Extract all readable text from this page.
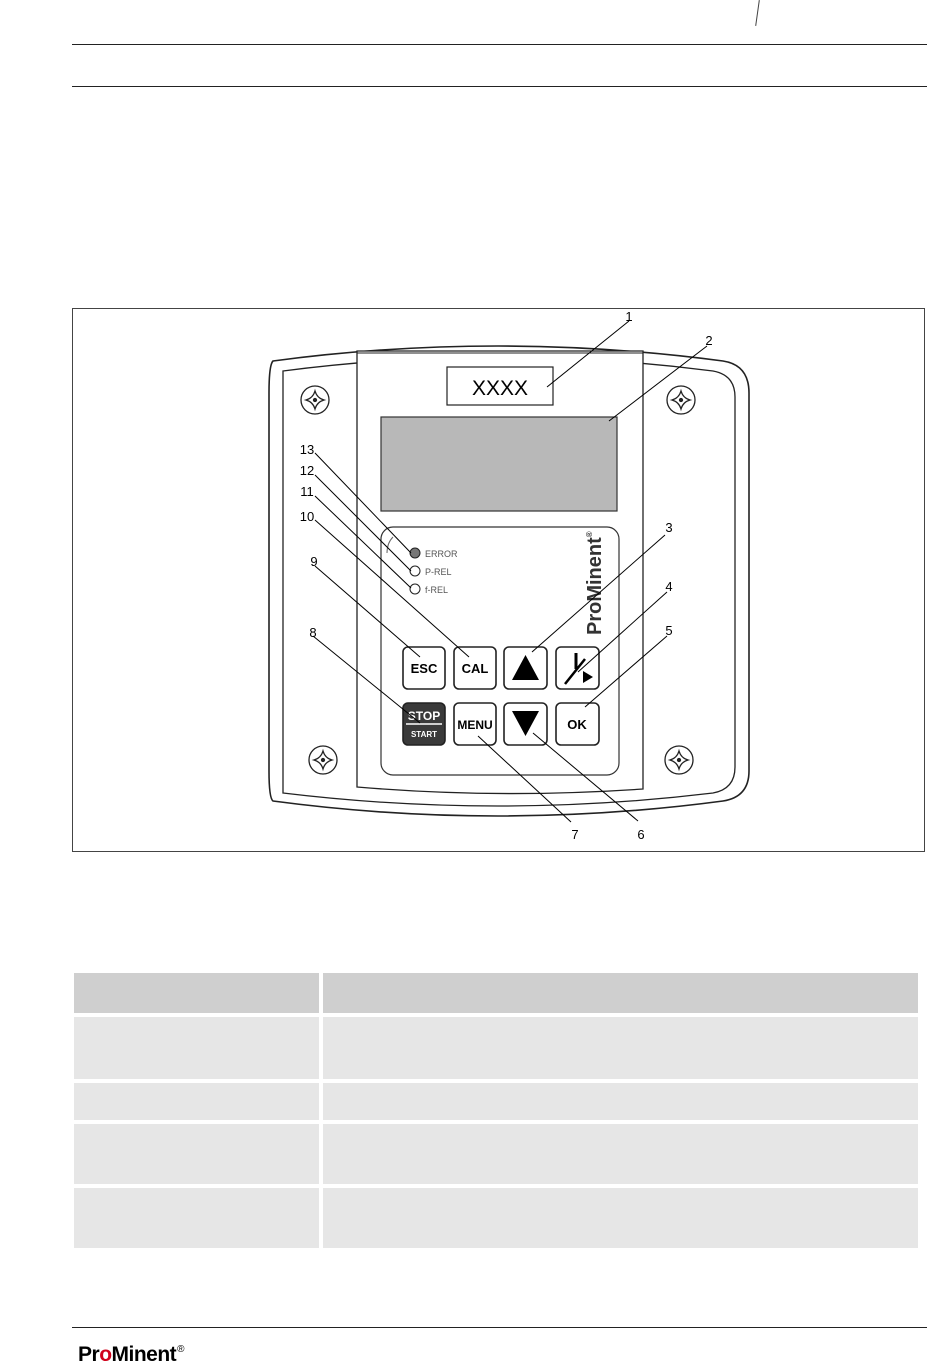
XXXX
ERROR
P-REL
f-REL	ProMinent®
ESC CAL
STOP
START
MENU	OK
1
2
3
4
5
6
7
8
9
10
11
12
13

ProMinent®
